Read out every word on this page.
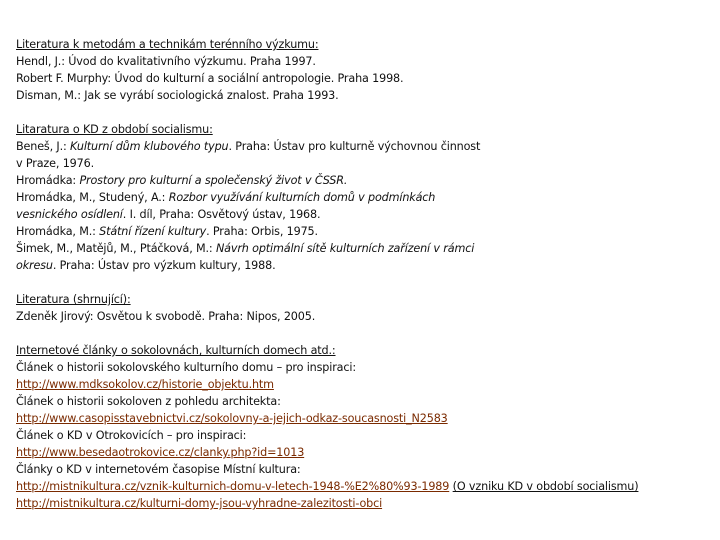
Literatura k metodám a technikám terénního výzkumu:
Hendl, J.: Úvod do kvalitativního výzkumu. Praha 1997.
Robert F. Murphy: Úvod do kulturní a sociální antropologie. Praha 1998.
Disman, M.: Jak se vyrábí sociologická znalost. Praha 1993.
Litaratura o KD z období socialismu:
Beneš, J.: Kulturní dům klubového typu. Praha: Ústav pro kulturně výchovnou činnost
v Praze, 1976.
Hromádka: Prostory pro kulturní a společenský život v ČSSR.
Hromádka, M., Studený, A.: Rozbor využívání kulturních domů v podmínkách
vesnického osídlení. I. díl, Praha: Osvětový ústav, 1968.
Hromádka, M.: Státní řízení kultury. Praha: Orbis, 1975.
Šimek, M., Matějů, M., Ptáčková, M.: Návrh optimální sítě kulturních zařízení v rámci
okresu. Praha: Ústav pro výzkum kultury, 1988.
Literatura (shrnující):
Zdeněk Jirový: Osvětou k svobodě. Praha: Nipos, 2005.
Internetové články o sokolovnách, kulturních domech atd.:
Článek o historii sokolovského kulturního domu – pro inspiraci:
http://www.mdksokolov.cz/historie_objektu.htm
Článek o historii sokoloven z pohledu architekta:
http://www.casopisstavebnictvi.cz/sokolovny-a-jejich-odkaz-soucasnosti_N2583
Článek o KD v Otrokovicích – pro inspiraci:
http://www.besedaotrokovice.cz/clanky.php?id=1013
Články o KD v internetovém časopise Místní kultura:
http://mistnikultura.cz/vznik-kulturnich-domu-v-letech-1948-%E2%80%93-1989 (O vzniku KD v období socialismu)
http://mistnikultura.cz/kulturni-domy-jsou-vyhradne-zalezitosti-obci
